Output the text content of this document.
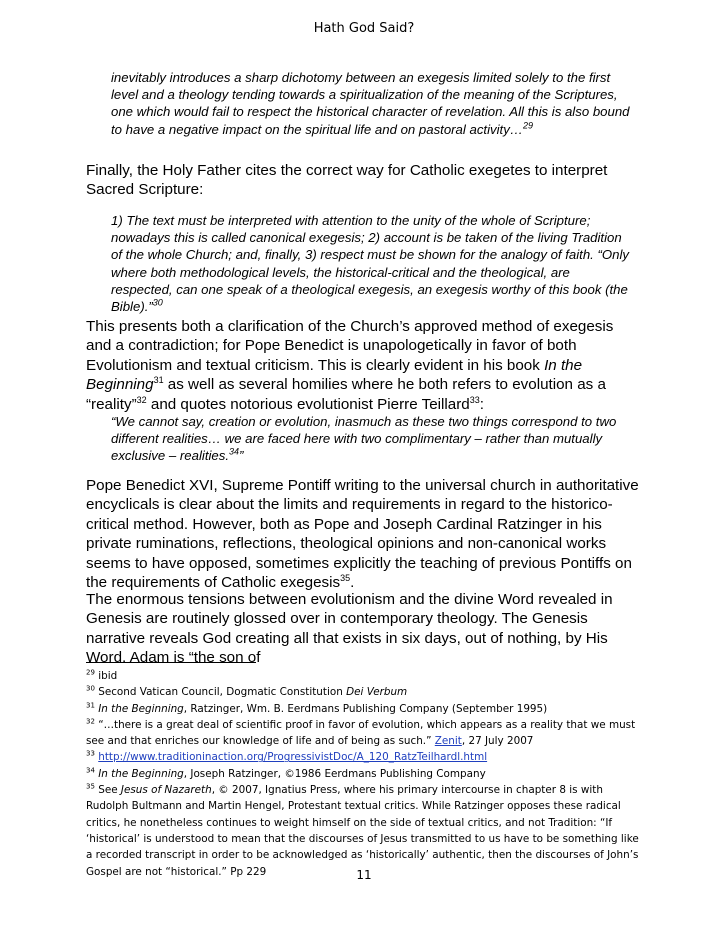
Hath God Said?
inevitably introduces a sharp dichotomy between an exegesis limited solely to the first level and a theology tending towards a spiritualization of the meaning of the Scriptures, one which would fail to respect the historical character of revelation. All this is also bound to have a negative impact on the spiritual life and on pastoral activity…$^{29}$
Finally, the Holy Father cites the correct way for Catholic exegetes to interpret Sacred Scripture:
1) The text must be interpreted with attention to the unity of the whole of Scripture; nowadays this is called canonical exegesis; 2) account is be taken of the living Tradition of the whole Church; and, finally, 3) respect must be shown for the analogy of faith. “Only where both methodological levels, the historical-critical and the theological, are respected, can one speak of a theological exegesis, an exegesis worthy of this book (the Bible).”$^{30}$
This presents both a clarification of the Church’s approved method of exegesis and a contradiction; for Pope Benedict is unapologetically in favor of both Evolutionism and textual criticism. This is clearly evident in his book In the Beginning$^{31}$ as well as several homilies where he both refers to evolution as a “reality”$^{32}$ and quotes notorious evolutionist Pierre Teillard$^{33}$:
“We cannot say, creation or evolution, inasmuch as these two things correspond to two different realities… we are faced here with two complimentary – rather than mutually exclusive – realities.$^{34}$”
Pope Benedict XVI, Supreme Pontiff writing to the universal church in authoritative encyclicals is clear about the limits and requirements in regard to the historico-critical method. However, both as Pope and Joseph Cardinal Ratzinger in his private ruminations, reflections, theological opinions and non-canonical works seems to have opposed, sometimes explicitly the teaching of previous Pontiffs on the requirements of Catholic exegesis$^{35}$.
The enormous tensions between evolutionism and the divine Word revealed in Genesis are routinely glossed over in contemporary theology. The Genesis narrative reveals God creating all that exists in six days, out of nothing, by His Word. Adam is “the son of

$^{29}$ ibid

$^{30}$ Second Vatican Council, Dogmatic Constitution Dei Verbum

$^{31}$ In the Beginning, Ratzinger, Wm. B. Eerdmans Publishing Company (September 1995)

$^{32}$ “…there is a great deal of scientific proof in favor of evolution, which appears as a reality that we must see and that enriches our knowledge of life and of being as such.” Zenit, 27 July 2007

$^{33}$ http://www.traditioninaction.org/ProgressivistDoc/A_120_RatzTeilhardl.html

$^{34}$ In the Beginning, Joseph Ratzinger, ©1986 Eerdmans Publishing Company

$^{35}$ See Jesus of Nazareth, © 2007, Ignatius Press, where his primary intercourse in chapter 8 is with Rudolph Bultmann and Martin Hengel, Protestant textual critics. While Ratzinger opposes these radical critics, he nonetheless continues to weight himself on the side of textual critics, and not Tradition: “If ‘historical’ is understood to mean that the discourses of Jesus transmitted to us have to be something like a recorded transcript in order to be acknowledged as ‘historically’ authentic, then the discourses of John’s Gospel are not “historical.” Pp 229	11
